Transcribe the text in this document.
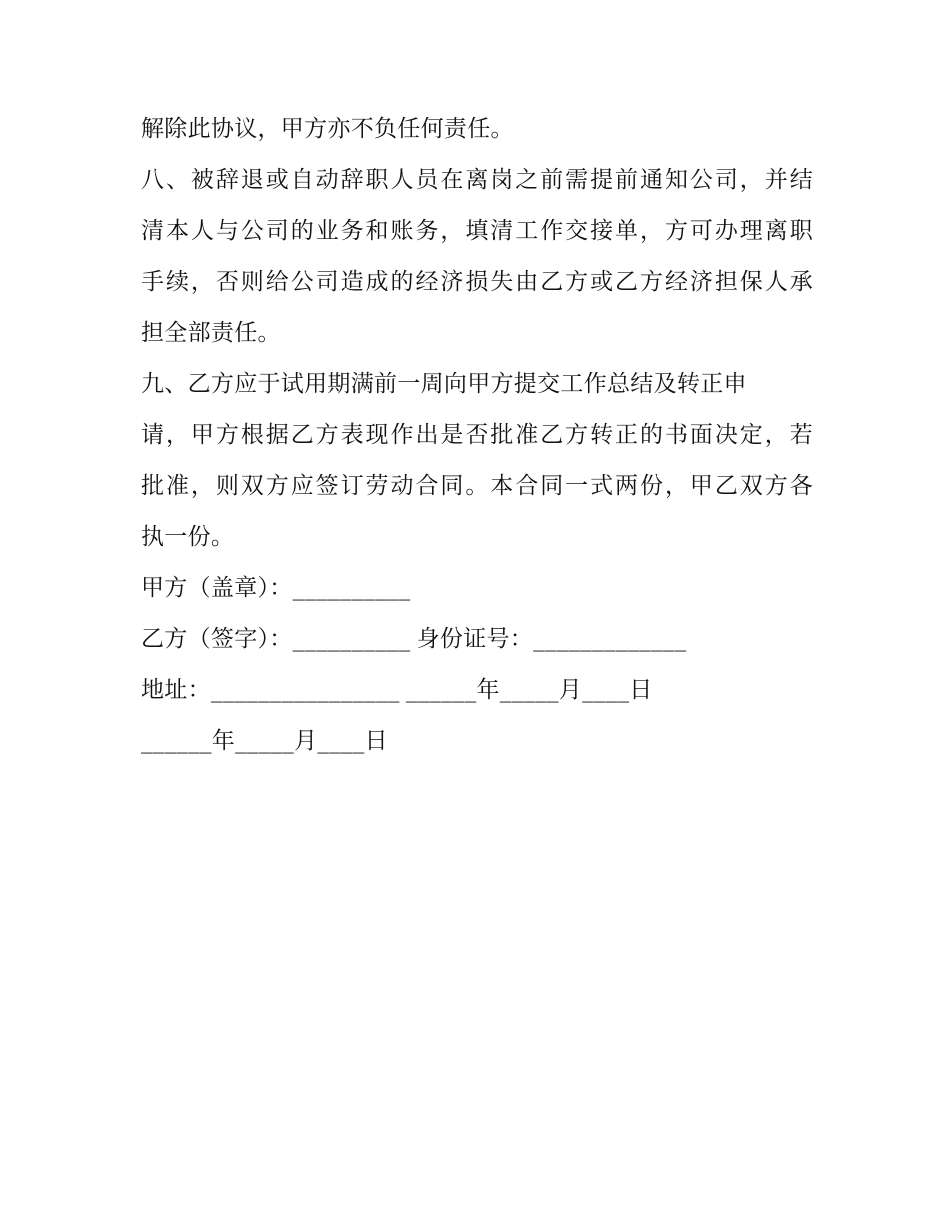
解除此协议，甲方亦不负任何责任。
八、被辞退或自动辞职人员在离岗之前需提前通知公司，并结
清本人与公司的业务和账务，填清工作交接单，方可办理离职
手续，否则给公司造成的经济损失由乙方或乙方经济担保人承
担全部责任。
九、乙方应于试用期满前一周向甲方提交工作总结及转正申
请，甲方根据乙方表现作出是否批准乙方转正的书面决定，若
批准，则双方应签订劳动合同。本合同一式两份，甲乙双方各
执一份。
甲方（盖章）：__________
乙方（签字）：__________ 身份证号：_____________
地址：________________ ______年_____月____日
______年_____月____日
